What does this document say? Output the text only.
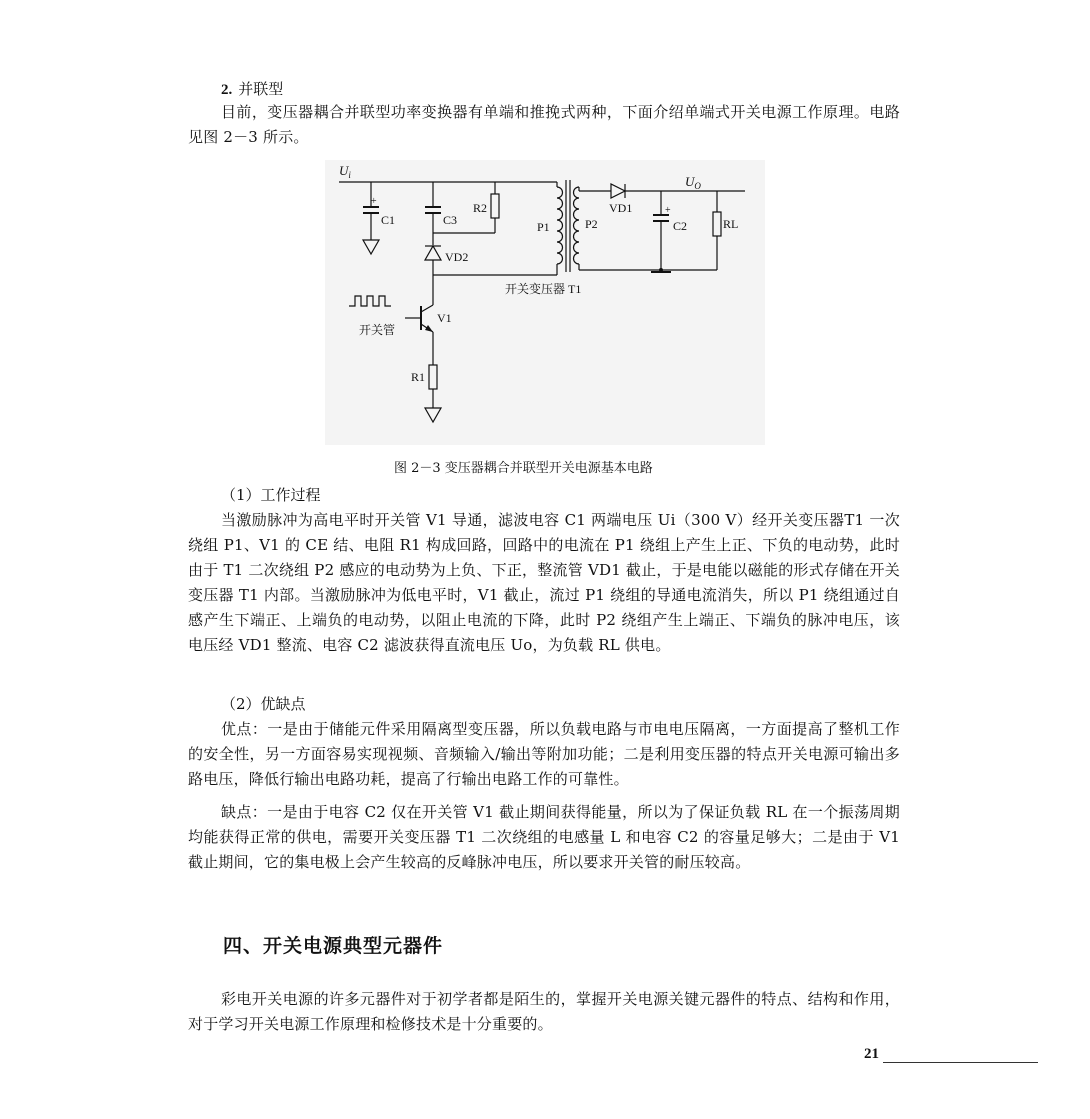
2. 并联型

目前，变压器耦合并联型功率变换器有单端和推挽式两种，下面介绍单端式开关电源工作原理。电路见图 2－3 所示。

$U_i$	$U_O$
+
+
C1	C3
R2
VD2
P1	P2
VD1
C2	RL
开关变压器 T1
V1
开关管
R1
图 2－3 变压器耦合并联型开关电源基本电路
（1）工作过程

当激励脉冲为高电平时开关管 V1 导通，滤波电容 C1 两端电压 Ui（300 V）经开关变压器T1 一次绕组 P1、V1 的 CE 结、电阻 R1 构成回路，回路中的电流在 P1 绕组上产生上正、下负的电动势，此时由于 T1 二次绕组 P2 感应的电动势为上负、下正，整流管 VD1 截止，于是电能以磁能的形式存储在开关变压器 T1 内部。当激励脉冲为低电平时，V1 截止，流过 P1 绕组的导通电流消失，所以 P1 绕组通过自感产生下端正、上端负的电动势，以阻止电流的下降，此时 P2 绕组产生上端正、下端负的脉冲电压，该电压经 VD1 整流、电容 C2 滤波获得直流电压 Uo，为负载 RL 供电。

（2）优缺点

优点：一是由于储能元件采用隔离型变压器，所以负载电路与市电电压隔离，一方面提高了整机工作的安全性，另一方面容易实现视频、音频输入/输出等附加功能；二是利用变压器的特点开关电源可输出多路电压，降低行输出电路功耗，提高了行输出电路工作的可靠性。

缺点：一是由于电容 C2 仅在开关管 V1 截止期间获得能量，所以为了保证负载 RL 在一个振荡周期均能获得正常的供电，需要开关变压器 T1 二次绕组的电感量 L 和电容 C2 的容量足够大；二是由于 V1 截止期间，它的集电极上会产生较高的反峰脉冲电压，所以要求开关管的耐压较高。

四、开关电源典型元器件

彩电开关电源的许多元器件对于初学者都是陌生的，掌握开关电源关键元器件的特点、结构和作用，对于学习开关电源工作原理和检修技术是十分重要的。

21
